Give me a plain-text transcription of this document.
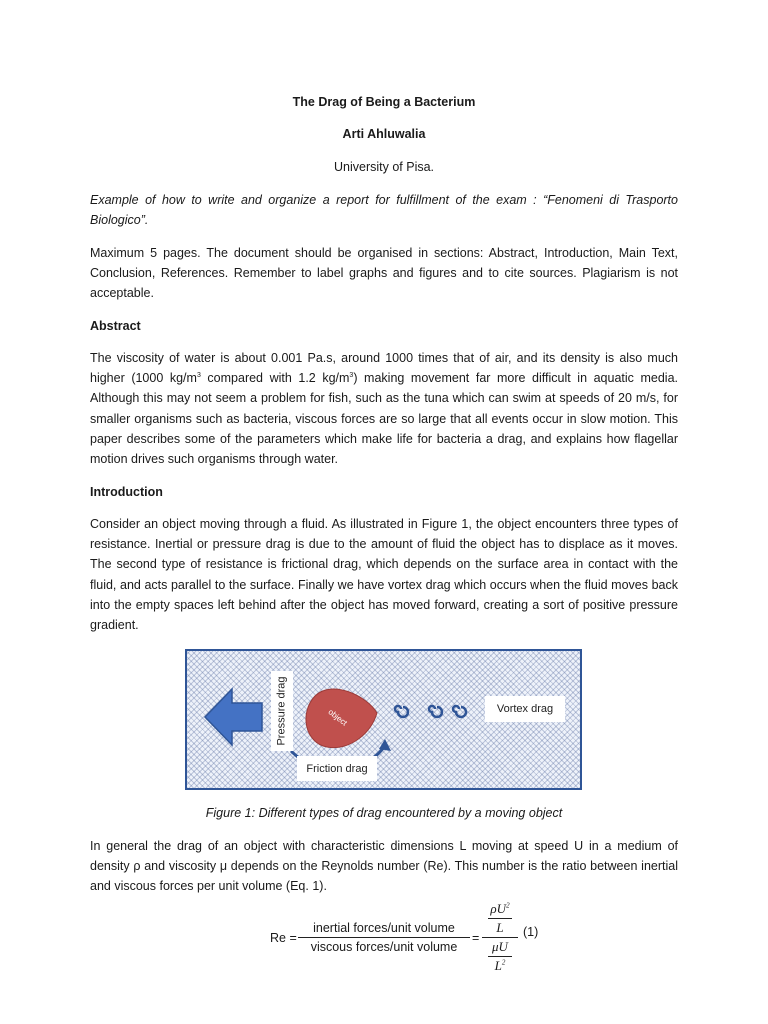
The Drag of Being a Bacterium
Arti Ahluwalia
University of Pisa.
Example of how to write and organize a report for fulfillment of the exam : “Fenomeni di Trasporto Biologico”.
Maximum 5 pages. The document should be organised in sections: Abstract, Introduction, Main Text, Conclusion, References. Remember to label graphs and figures and to cite sources. Plagiarism is not acceptable.
Abstract
The viscosity of water is about 0.001 Pa.s, around 1000 times that of air, and its density is also much higher (1000 $kg/m^3$ compared with 1.2 $kg/m^3$) making movement far more difficult in aquatic media. Although this may not seem a problem for fish, such as the tuna which can swim at speeds of 20 m/s, for smaller organisms such as bacteria, viscous forces are so large that all events occur in slow motion. This paper describes some of the parameters which make life for bacteria a drag, and explains how flagellar motion drives such organisms through water.
Introduction
Consider an object moving through a fluid. As illustrated in Figure 1, the object encounters three types of resistance. Inertial or pressure drag is due to the amount of fluid the object has to displace as it moves. The second type of resistance is frictional drag, which depends on the surface area in contact with the fluid, and acts parallel to the surface. Finally we have vortex drag which occurs when the fluid moves back into the empty spaces left behind after the object has moved forward, creating a sort of positive pressure gradient.
Pressure drag	object	Vortex drag
Friction drag
Figure 1: Different types of drag encountered by a moving object
In general the drag of an object with characteristic dimensions L moving at speed U in a medium of density ρ and viscosity μ depends on the Reynolds number (Re). This number is the ratio between inertial and viscous forces per unit volume (Eq. 1).
Re =
inertial forces/unit volume
viscous forces/unit volume
=
$\rho U^2$
L
μU
$L^2$
(1)
